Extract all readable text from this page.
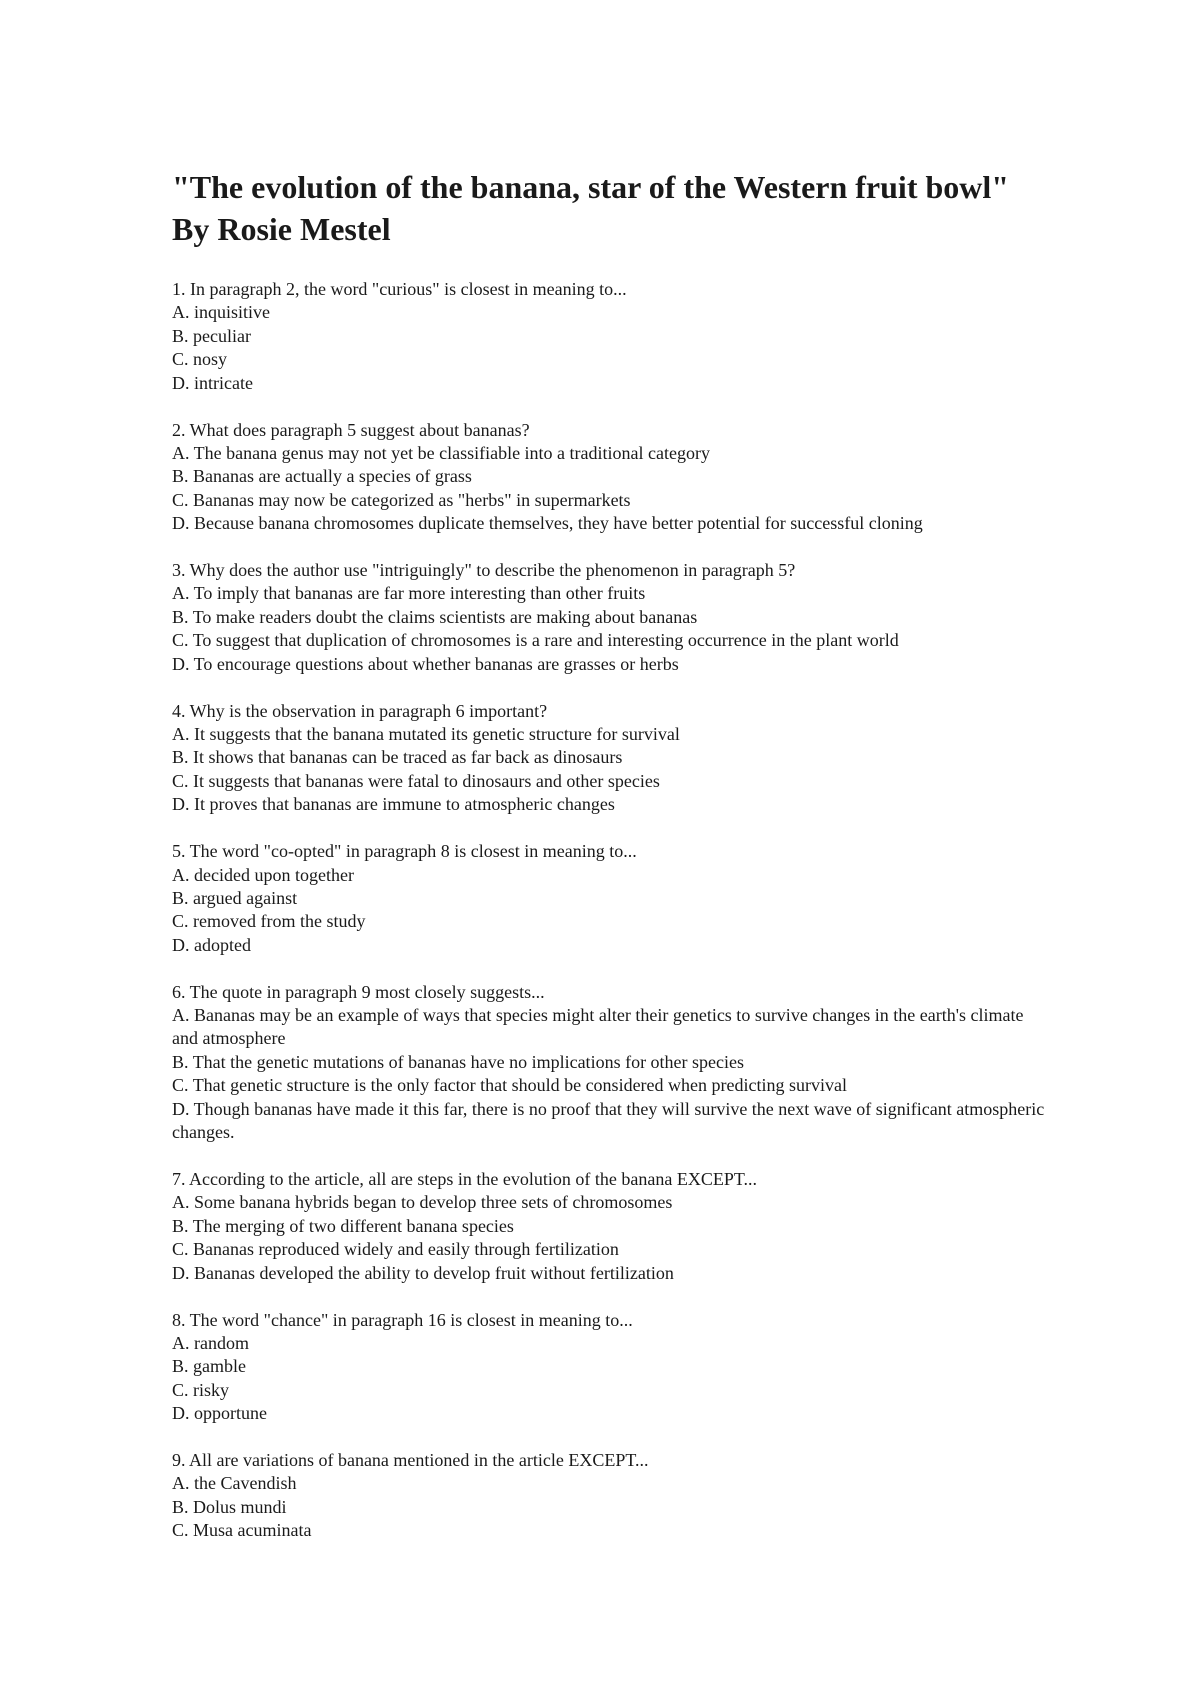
"The evolution of the banana, star of the Western fruit bowl" By Rosie Mestel
1. In paragraph 2, the word "curious" is closest in meaning to...
A. inquisitive
B. peculiar
C. nosy
D. intricate
2. What does paragraph 5 suggest about bananas?
A. The banana genus may not yet be classifiable into a traditional category
B. Bananas are actually a species of grass
C. Bananas may now be categorized as "herbs" in supermarkets
D. Because banana chromosomes duplicate themselves, they have better potential for successful cloning
3. Why does the author use "intriguingly" to describe the phenomenon in paragraph 5?
A. To imply that bananas are far more interesting than other fruits
B. To make readers doubt the claims scientists are making about bananas
C. To suggest that duplication of chromosomes is a rare and interesting occurrence in the plant world
D. To encourage questions about whether bananas are grasses or herbs
4. Why is the observation in paragraph 6 important?
A. It suggests that the banana mutated its genetic structure for survival
B. It shows that bananas can be traced as far back as dinosaurs
C. It suggests that bananas were fatal to dinosaurs and other species
D. It proves that bananas are immune to atmospheric changes
5. The word "co-opted" in paragraph 8 is closest in meaning to...
A. decided upon together
B. argued against
C. removed from the study
D. adopted
6. The quote in paragraph 9 most closely suggests...
A. Bananas may be an example of ways that species might alter their genetics to survive changes in the earth's climate and atmosphere
B. That the genetic mutations of bananas have no implications for other species
C. That genetic structure is the only factor that should be considered when predicting survival
D. Though bananas have made it this far, there is no proof that they will survive the next wave of significant atmospheric changes.
7. According to the article, all are steps in the evolution of the banana EXCEPT...
A. Some banana hybrids began to develop three sets of chromosomes
B. The merging of two different banana species
C. Bananas reproduced widely and easily through fertilization
D. Bananas developed the ability to develop fruit without fertilization
8. The word "chance" in paragraph 16 is closest in meaning to...
A. random
B. gamble
C. risky
D. opportune
9. All are variations of banana mentioned in the article EXCEPT...
A. the Cavendish
B. Dolus mundi
C. Musa acuminata
